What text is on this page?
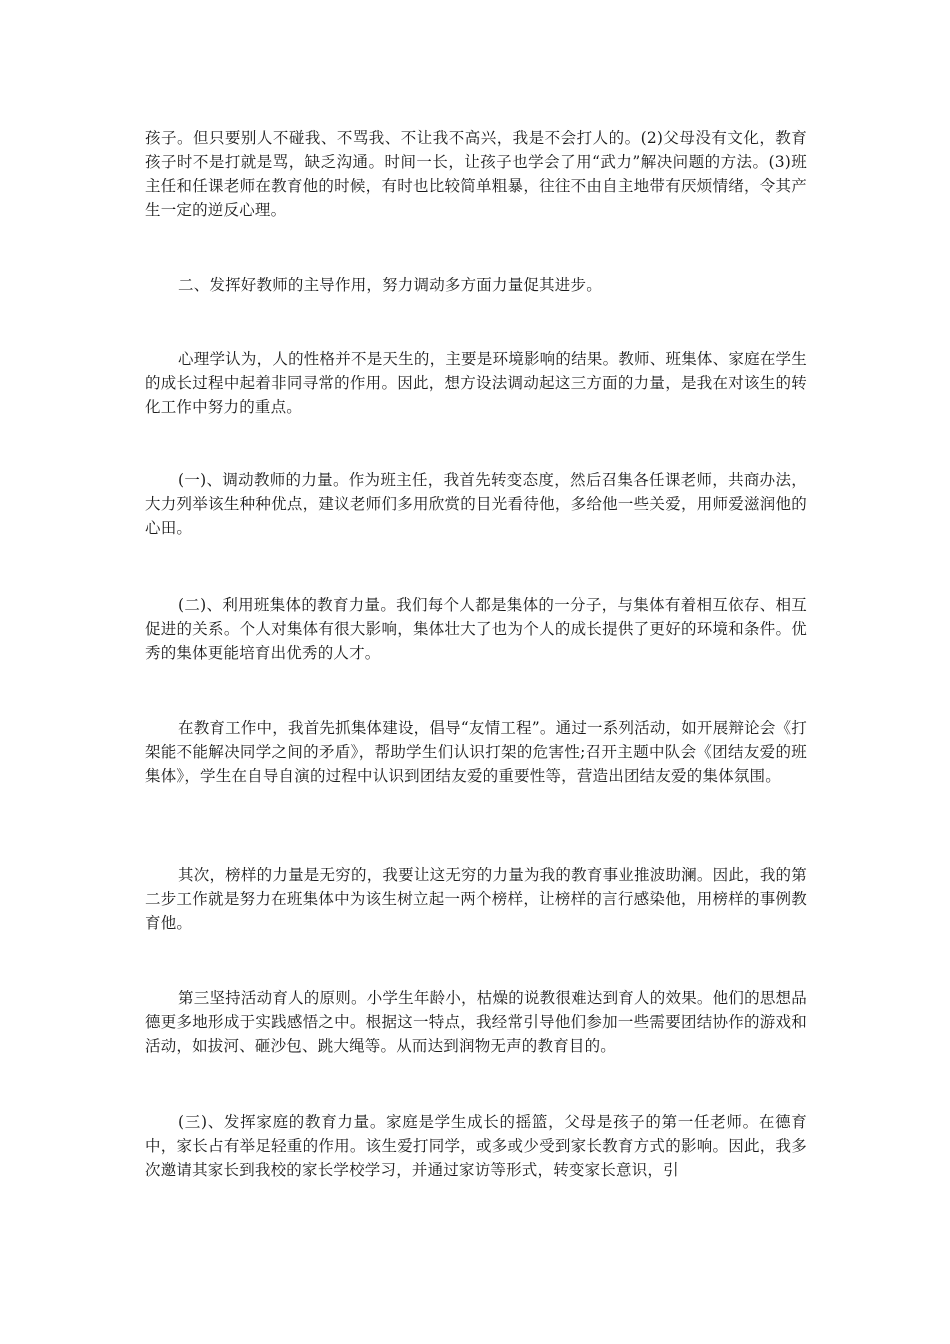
孩子。但只要别人不碰我、不骂我、不让我不高兴，我是不会打人的。(2)父母没有文化，教育孩子时不是打就是骂，缺乏沟通。时间一长，让孩子也学会了用“武力”解决问题的方法。(3)班主任和任课老师在教育他的时候，有时也比较简单粗暴，往往不由自主地带有厌烦情绪，令其产生一定的逆反心理。

二、发挥好教师的主导作用，努力调动多方面力量促其进步。

心理学认为，人的性格并不是天生的，主要是环境影响的结果。教师、班集体、家庭在学生的成长过程中起着非同寻常的作用。因此，想方设法调动起这三方面的力量，是我在对该生的转化工作中努力的重点。

(一)、调动教师的力量。作为班主任，我首先转变态度，然后召集各任课老师，共商办法，大力列举该生种种优点，建议老师们多用欣赏的目光看待他，多给他一些关爱，用师爱滋润他的心田。

(二)、利用班集体的教育力量。我们每个人都是集体的一分子，与集体有着相互依存、相互促进的关系。个人对集体有很大影响，集体壮大了也为个人的成长提供了更好的环境和条件。优秀的集体更能培育出优秀的人才。

在教育工作中，我首先抓集体建设，倡导“友情工程”。通过一系列活动，如开展辩论会《打架能不能解决同学之间的矛盾》，帮助学生们认识打架的危害性;召开主题中队会《团结友爱的班集体》，学生在自导自演的过程中认识到团结友爱的重要性等，营造出团结友爱的集体氛围。

其次，榜样的力量是无穷的，我要让这无穷的力量为我的教育事业推波助澜。因此，我的第二步工作就是努力在班集体中为该生树立起一两个榜样，让榜样的言行感染他，用榜样的事例教育他。

第三坚持活动育人的原则。小学生年龄小，枯燥的说教很难达到育人的效果。他们的思想品德更多地形成于实践感悟之中。根据这一特点，我经常引导他们参加一些需要团结协作的游戏和活动，如拔河、砸沙包、跳大绳等。从而达到润物无声的教育目的。

(三)、发挥家庭的教育力量。家庭是学生成长的摇篮，父母是孩子的第一任老师。在德育中，家长占有举足轻重的作用。该生爱打同学，或多或少受到家长教育方式的影响。因此，我多次邀请其家长到我校的家长学校学习，并通过家访等形式，转变家长意识，引
